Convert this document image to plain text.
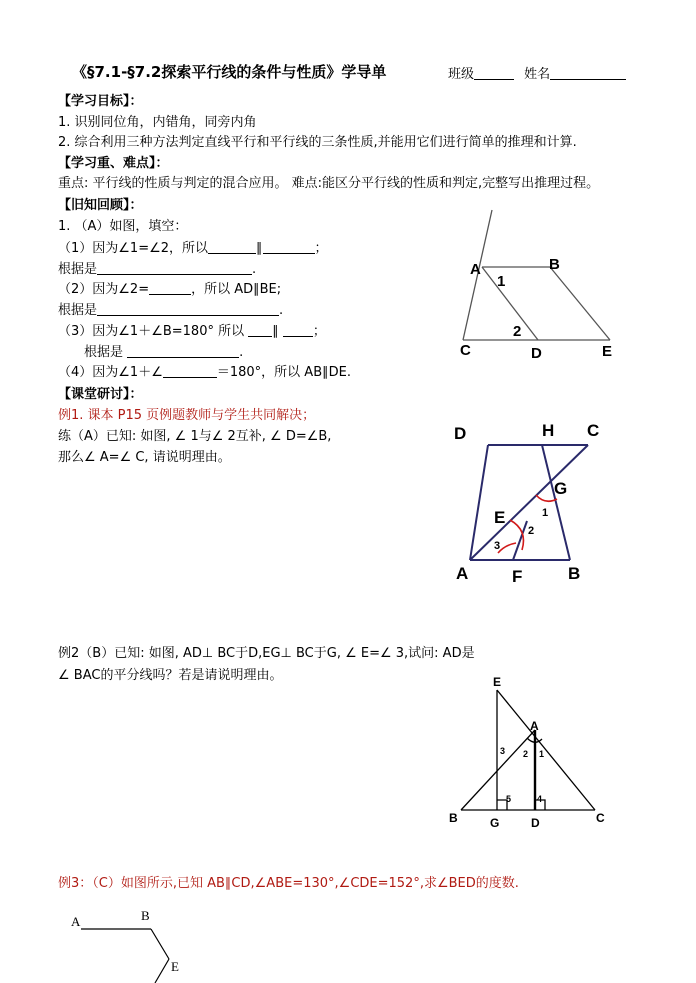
《§7.1-§7.2探索平行线的条件与性质》学导单	班级	姓名
【学习目标】：
1. 识别同位角，内错角，同旁内角
2. 综合利用三种方法判定直线平行和平行线的三条性质,并能用它们进行简单的推理和计算.
【学习重、难点】：
重点: 平行线的性质与判定的混合应用。 难点:能区分平行线的性质和判定,完整写出推理过程。
【旧知回顾】：
1. （A）如图，填空：
（1）因为∠1=∠2，所以	∥	；
根据是	.
（2）因为∠2=	，所以 AD∥BE;
根据是	.
（3）因为∠1＋∠B=180° 所以 ∥	；
根据是	.
（4）因为∠1＋∠	＝180°，所以 AB∥DE.
A	B
C	D	E
1
2
【课堂研讨】：
例1. 课本 P15 页例题教师与学生共同解决；
练（A）已知: 如图, ∠ 1与∠ 2互补, ∠ D=∠B,
那么∠ A=∠ C, 请说明理由。
D	H C
G
E	1
2
3
A	F	B
例2（B）已知: 如图, AD⊥ BC于D,EG⊥ BC于G, ∠ E=∠ 3,试问: AD是
∠ BAC的平分线吗？若是请说明理由。	E
A
3 2 1
5	4
B	G	D	C
例3：（C）如图所示,已知 AB∥CD,∠ABE=130°,∠CDE=152°,求∠BED的度数.
A	B
E
